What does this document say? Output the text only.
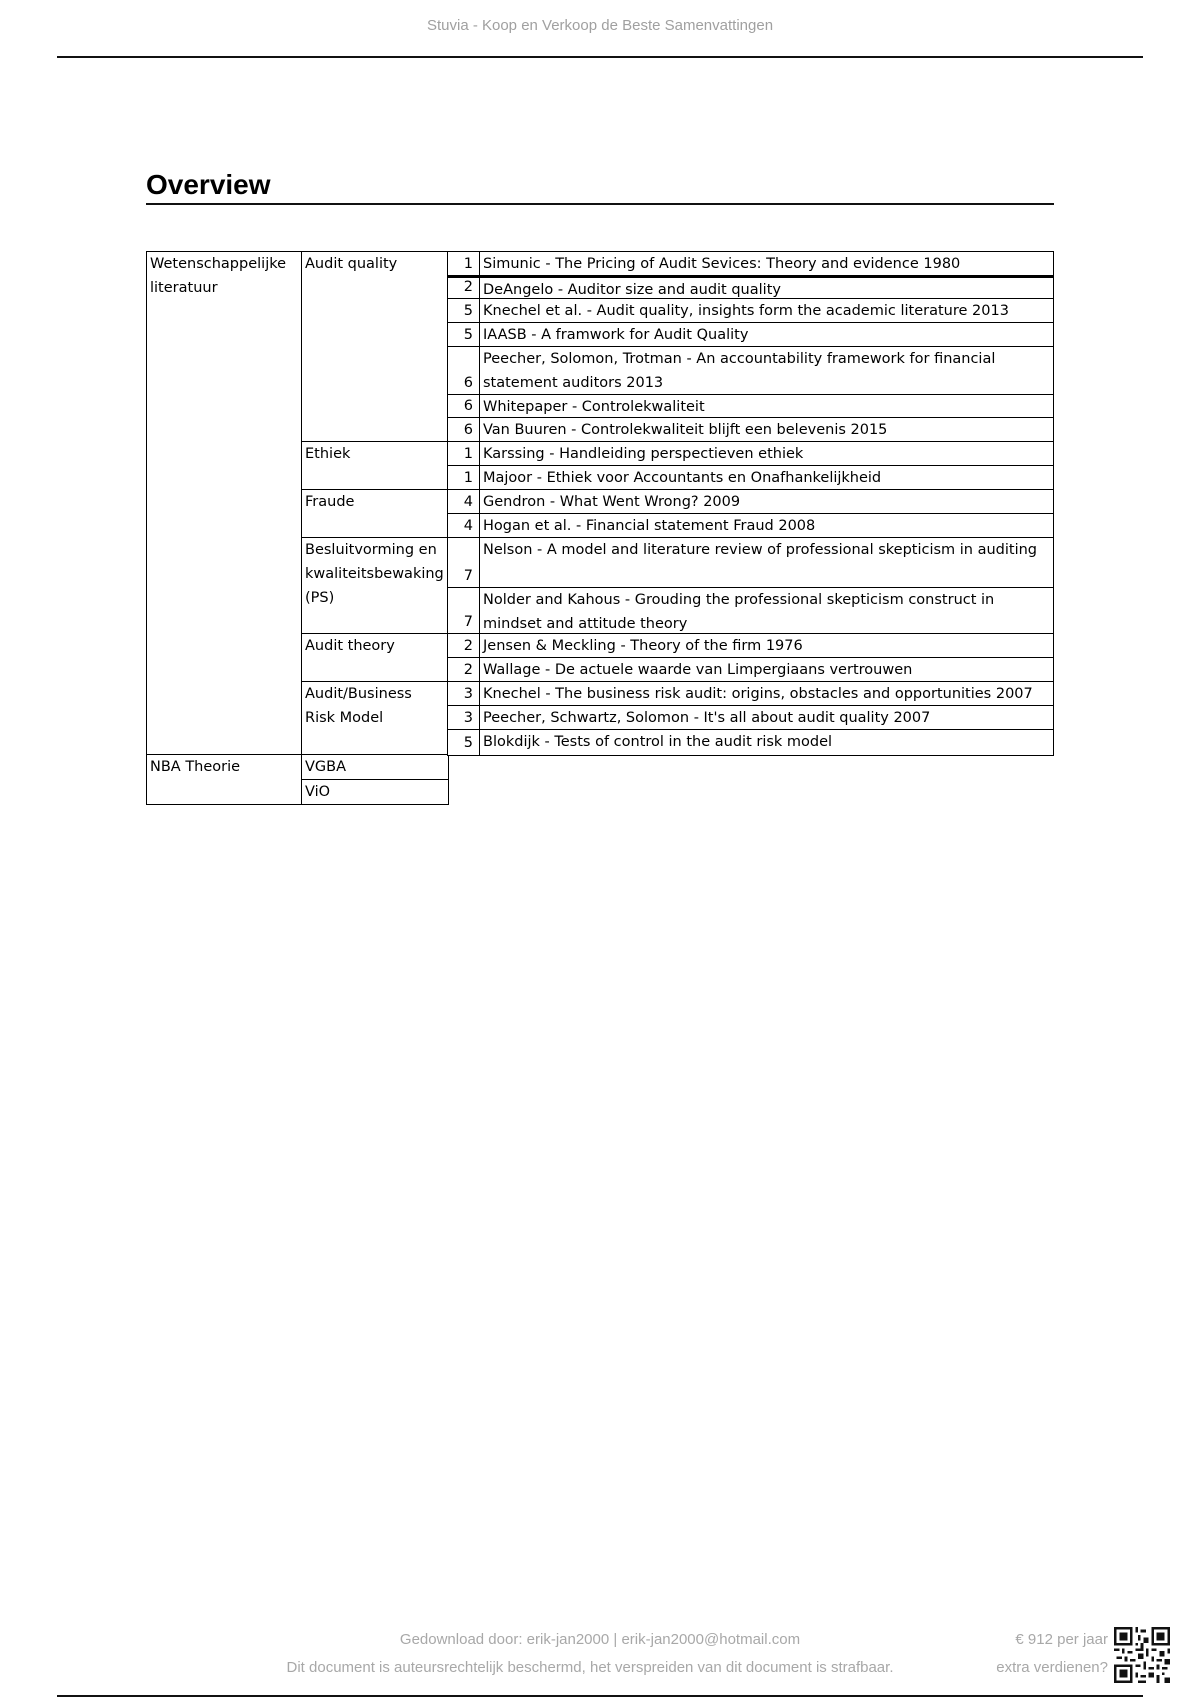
Stuvia - Koop en Verkoop de Beste Samenvattingen
Overview
Wetenschappelijke literatuur
NBA Theorie
Audit quality
Ethiek
Fraude
Besluitvorming en kwaliteitsbewaking (PS)
Audit theory
Audit/Business Risk Model
VGBA
ViO
1 Simunic - The Pricing of Audit Sevices: Theory and evidence 1980
2 DeAngelo - Auditor size and audit quality
5 Knechel et al. - Audit quality, insights form the academic literature 2013
5 IAASB - A framwork for Audit Quality
6
Peecher, Solomon, Trotman - An accountability framework for financial statement auditors 2013
6 Whitepaper - Controlekwaliteit
6 Van Buuren - Controlekwaliteit blijft een belevenis 2015
1 Karssing - Handleiding perspectieven ethiek
1 Majoor - Ethiek voor Accountants en Onafhankelijkheid
4 Gendron - What Went Wrong? 2009
4 Hogan et al. - Financial statement Fraud 2008
7
Nelson - A model and literature review of professional skepticism in auditing
7
Nolder and Kahous - Grouding the professional skepticism construct in mindset and attitude theory
2 Jensen & Meckling - Theory of the firm 1976
2 Wallage - De actuele waarde van Limpergiaans vertrouwen
3 Knechel - The business risk audit: origins, obstacles and opportunities 2007
3 Peecher, Schwartz, Solomon - It's all about audit quality 2007
5 Blokdijk - Tests of control in the audit risk model
Gedownload door: erik-jan2000 | erik-jan2000@hotmail.com
Dit document is auteursrechtelijk beschermd, het verspreiden van dit document is strafbaar.
€ 912 per jaar
extra verdienen?
